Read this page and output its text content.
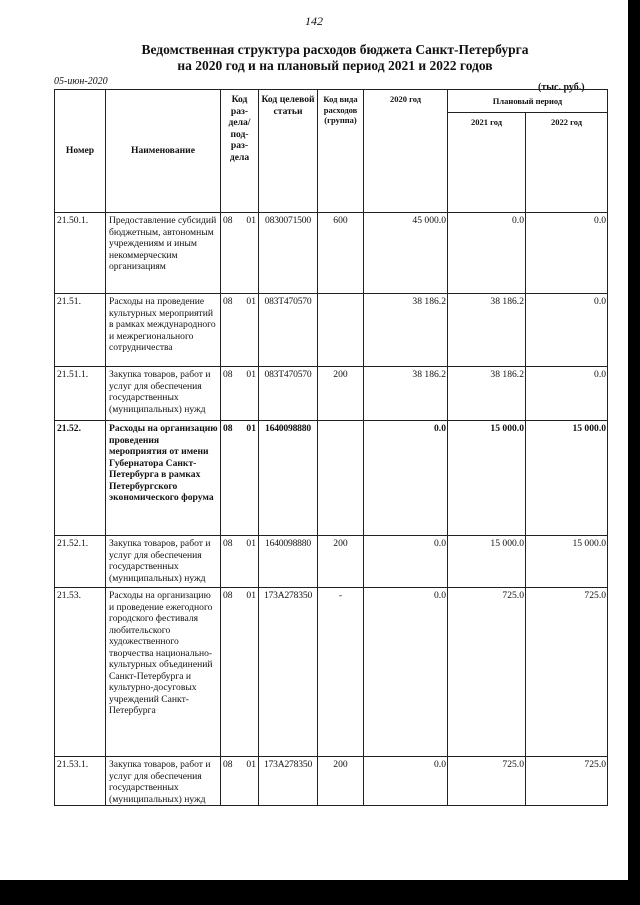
142
Ведомственная структура расходов бюджета Санкт-Петербурга
на 2020 год и на плановый период 2021 и 2022 годов
05-июн-2020
(тыс. руб.)
Номер	Наименование	Код раз- дела/ под- раз- дела	Код целевой статьи	Код вида расходов (группа)	2020 год	Плановый период	
						2021 год	2022 год
21.50.1.	Предоставление субсидий бюджетным, автономным учреждениям и иным некоммерческим организациям	08 01	0830071500	600	45 000.0	0.0	0.0
21.51.	Расходы на проведение культурных мероприятий в рамках международного и межрегионального сотрудничества	08 01	083Т470570		38 186.2	38 186.2	0.0
21.51.1.	Закупка товаров, работ и услуг для обеспечения государственных (муниципальных) нужд	08 01	083Т470570	200	38 186.2	38 186.2	0.0
21.52.	Расходы на организацию проведения мероприятия от имени Губернатора Санкт-Петербурга в рамках Петербургского экономического форума	08 01	1640098880		0.0	15 000.0	15 000.0
21.52.1.	Закупка товаров, работ и услуг для обеспечения государственных (муниципальных) нужд	08 01	1640098880	200	0.0	15 000.0	15 000.0
21.53.	Расходы на организацию и проведение ежегодного городского фестиваля любительского художественного творчества национально-культурных объединений Санкт-Петербурга и культурно-досуговых учреждений Санкт-Петербурга	08 01	173А278350	-	0.0	725.0	725.0
21.53.1.	Закупка товаров, работ и услуг для обеспечения государственных (муниципальных) нужд	08 01	173А278350	200	0.0	725.0	725.0
